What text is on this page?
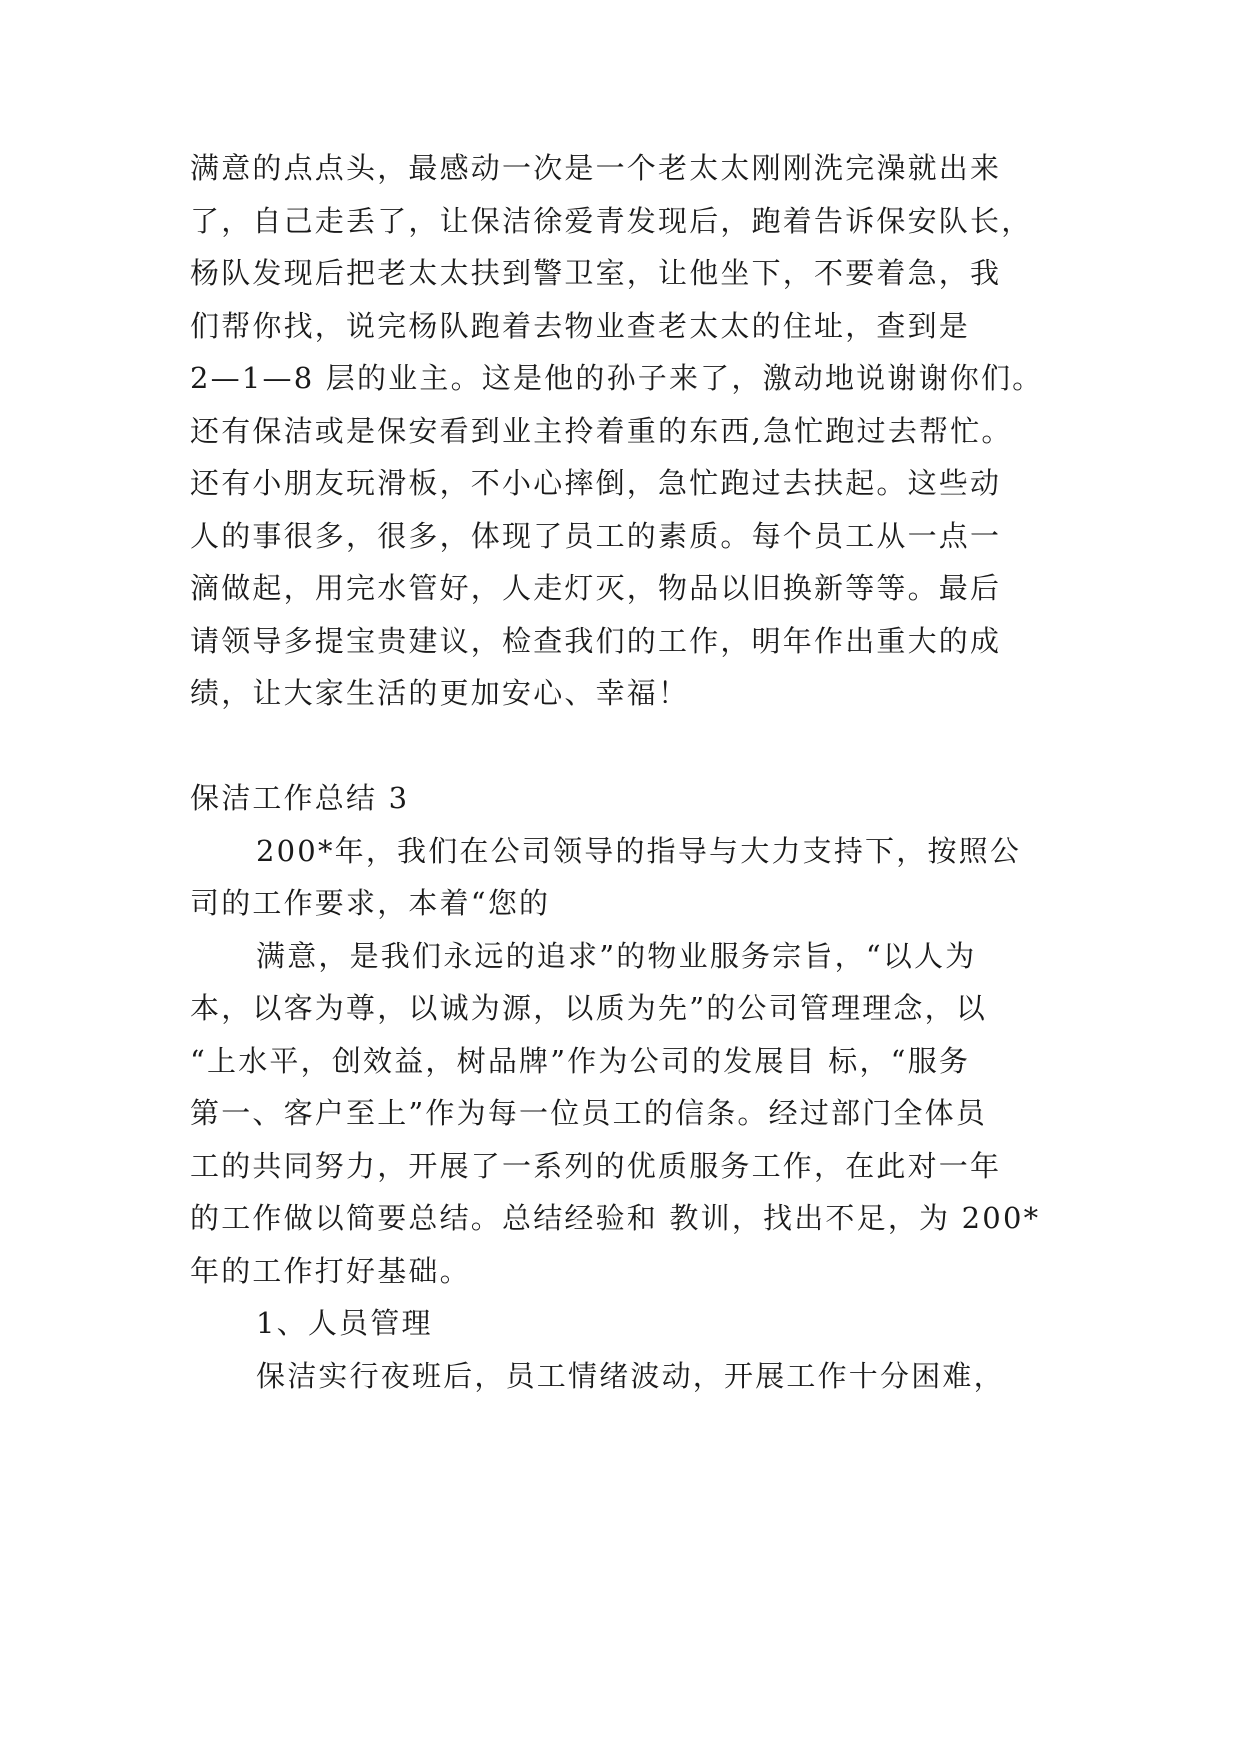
满意的点点头，最感动一次是一个老太太刚刚洗完澡就出来
了，自己走丢了，让保洁徐爱青发现后，跑着告诉保安队长，
杨队发现后把老太太扶到警卫室，让他坐下，不要着急，我
们帮你找，说完杨队跑着去物业查老太太的住址，查到是
2—1—8 层的业主。这是他的孙子来了，激动地说谢谢你们。
还有保洁或是保安看到业主拎着重的东西,急忙跑过去帮忙。
还有小朋友玩滑板，不小心摔倒，急忙跑过去扶起。这些动
人的事很多，很多，体现了员工的素质。每个员工从一点一
滴做起，用完水管好，人走灯灭，物品以旧换新等等。最后
请领导多提宝贵建议，检查我们的工作，明年作出重大的成
绩，让大家生活的更加安心、幸福！
保洁工作总结 3
200*年，我们在公司领导的指导与大力支持下，按照公
司的工作要求，本着“您的
满意，是我们永远的追求”的物业服务宗旨，“以人为
本，以客为尊，以诚为源，以质为先”的公司管理理念，以
“上水平，创效益，树品牌”作为公司的发展目 标，“服务
第一、客户至上”作为每一位员工的信条。经过部门全体员
工的共同努力，开展了一系列的优质服务工作，在此对一年
的工作做以简要总结。总结经验和 教训，找出不足，为 200*
年的工作打好基础。
1、人员管理
保洁实行夜班后，员工情绪波动，开展工作十分困难，
